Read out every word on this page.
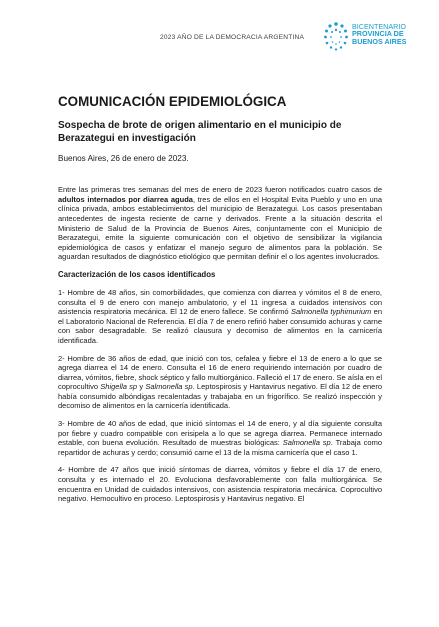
2023 AÑO DE LA DEMOCRACIA ARGENTINA
BICENTENARIO
PROVINCIA DE
BUENOS AIRES
COMUNICACIÓN EPIDEMIOLÓGICA
Sospecha de brote de origen alimentario en el municipio de Berazategui en investigación

Buenos Aires, 26 de enero de 2023.

Entre las primeras tres semanas del mes de enero de 2023 fueron notificados cuatro casos de adultos internados por diarrea aguda, tres de ellos en el Hospital Evita Pueblo y uno en una clínica privada, ambos establecimientos del municipio de Berazategui. Los casos presentaban antecedentes de ingesta reciente de carne y derivados. Frente a la situación descrita el Ministerio de Salud de la Provincia de Buenos Aires, conjuntamente con el Municipio de Berazategui, emite la siguiente comunicación con el objetivo de sensibilizar la vigilancia epidemiológica de casos y enfatizar el manejo seguro de alimentos para la población. Se aguardan resultados de diagnóstico etiológico que permitan definir el o los agentes involucrados.

Caracterización de los casos identificados

1- Hombre de 48 años, sin comorbilidades, que comienza con diarrea y vómitos el 8 de enero, consulta el 9 de enero con manejo ambulatorio, y el 11 ingresa a cuidados intensivos con asistencia respiratoria mecánica. El 12 de enero fallece. Se confirmó Salmonella typhimurium en el Laboratorio Nacional de Referencia. El día 7 de enero refirió haber consumido achuras y carne con sabor desagradable. Se realizó clausura y decomiso de alimentos en la carnicería identificada.

2- Hombre de 36 años de edad, que inició con tos, cefalea y fiebre el 13 de enero a lo que se agrega diarrea el 14 de enero. Consulta el 16 de enero requiriendo internación por cuadro de diarrea, vómitos, fiebre, shock séptico y fallo multiorgánico. Falleció el 17 de enero. Se aísla en el coprocultivo Shigella sp y Salmonella sp. Leptospirosis y Hantavirus negativo. El día 12 de enero había consumido albóndigas recalentadas y trabajaba en un frigorífico. Se realizó inspección y decomiso de alimentos en la carnicería identificada.

3- Hombre de 40 años de edad, que inició síntomas el 14 de enero, y al día siguiente consulta por fiebre y cuadro compatible con erisipela a lo que se agrega diarrea. Permanece internado estable, con buena evolución. Resultado de muestras biológicas: Salmonella sp. Trabaja como repartidor de achuras y cerdo; consumió carne el 13 de la misma carnicería que el caso 1.

4- Hombre de 47 años que inició síntomas de diarrea, vómitos y fiebre el día 17 de enero, consulta y es internado el 20. Evoluciona desfavorablemente con falla multiorgánica. Se encuentra en Unidad de cuidados intensivos, con asistencia respiratoria mecánica. Coprocultivo negativo. Hemocultivo en proceso. Leptospirosis y Hantavirus negativo. El
